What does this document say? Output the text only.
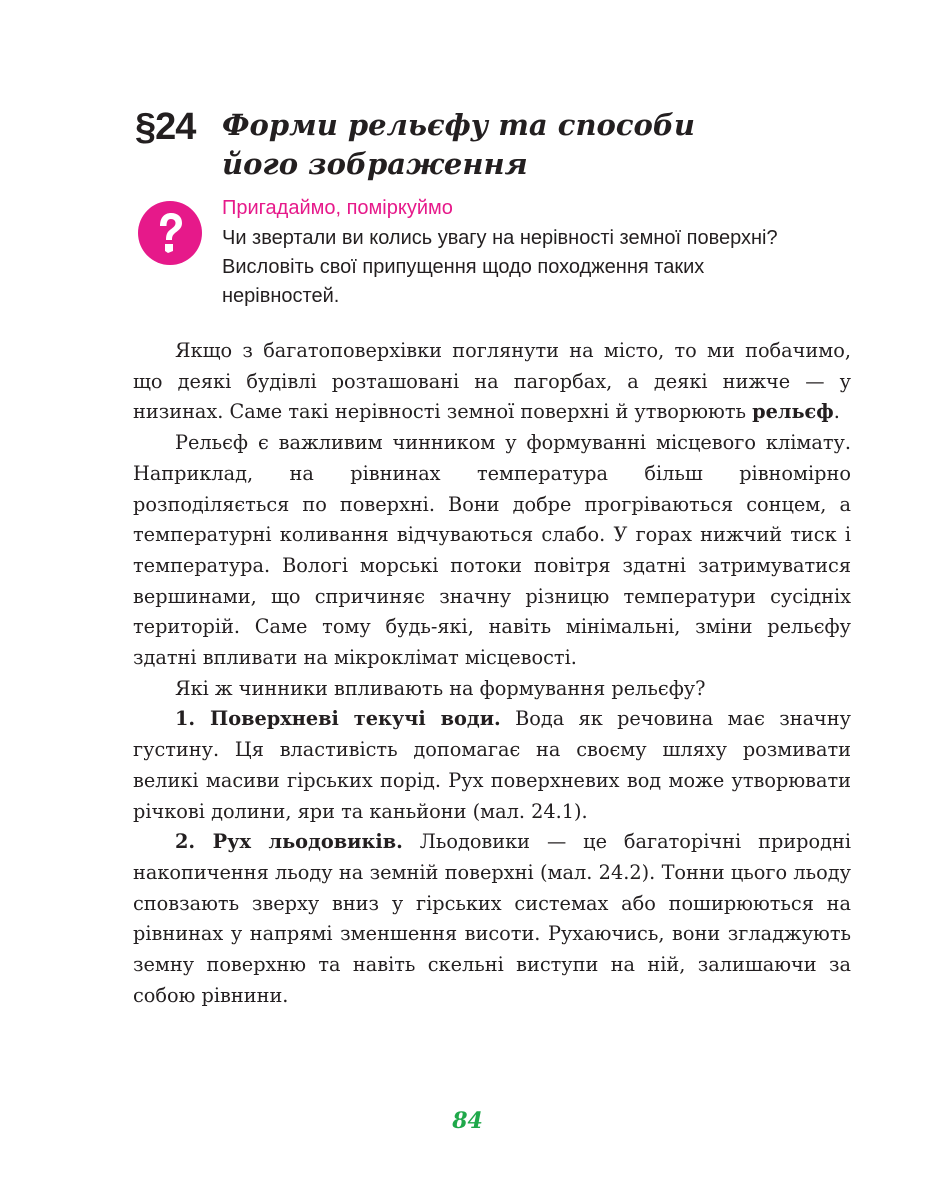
§24 Форми рельєфу та способи
його зображення
Пригадаймо, поміркуймо
Чи звертали ви колись увагу на нерівності земної поверхні? Висловіть свої припущення щодо походження таких нерівностей.

Якщо з багатоповерхівки поглянути на місто, то ми побачимо, що деякі будівлі розташовані на пагорбах, а деякі нижче — у низинах. Саме такі нерівності земної поверхні й утворюють рельєф.

Рельєф є важливим чинником у формуванні місцевого клімату. Наприклад, на рівнинах температура більш рівномірно розподіляється по поверхні. Вони добре прогріваються сонцем, а температурні коливання відчуваються слабо. У горах нижчий тиск і температура. Вологі морські потоки повітря здатні затримуватися вершинами, що спричиняє значну різницю температури сусідніх територій. Саме тому будь-які, навіть мінімальні, зміни рельєфу здатні впливати на мікроклімат місцевості.

Які ж чинники впливають на формування рельєфу?

1. Поверхневі текучі води. Вода як речовина має значну густину. Ця властивість допомагає на своєму шляху розмивати великі масиви гірських порід. Рух поверхневих вод може утворювати річкові долини, яри та каньйони (мал. 24.1).

2. Рух льодовиків. Льодовики — це багаторічні природні накопичення льоду на земній поверхні (мал. 24.2). Тонни цього льоду сповзають зверху вниз у гірських системах або поширюються на рівнинах у напрямі зменшення висоти. Рухаючись, вони згладжують земну поверхню та навіть скельні виступи на ній, залишаючи за собою рівнини.

84
